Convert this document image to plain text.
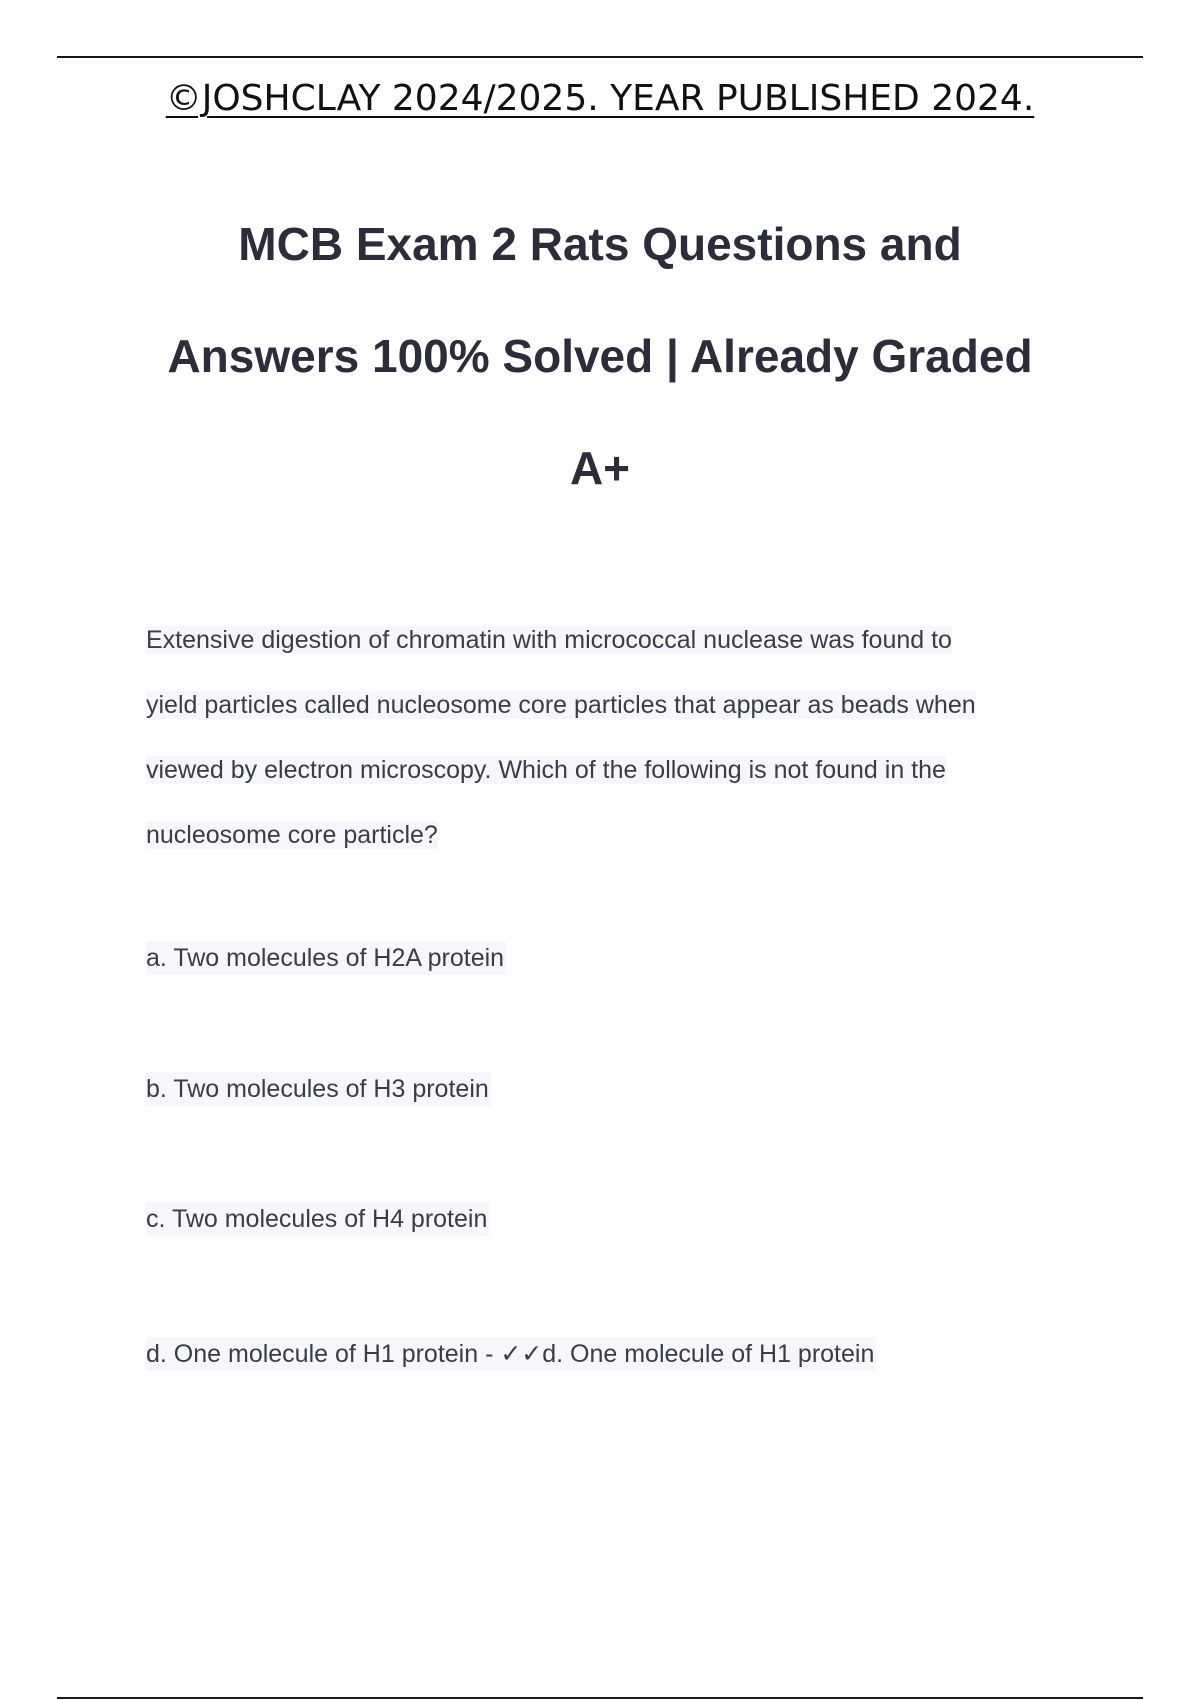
©JOSHCLAY 2024/2025. YEAR PUBLISHED 2024.
MCB Exam 2 Rats Questions and
Answers 100% Solved | Already Graded
A+

Extensive digestion of chromatin with micrococcal nuclease was found to
yield particles called nucleosome core particles that appear as beads when
viewed by electron microscopy. Which of the following is not found in the
nucleosome core particle?

a. Two molecules of H2A protein
b. Two molecules of H3 protein
c. Two molecules of H4 protein
d. One molecule of H1 protein - ✓✓d. One molecule of H1 protein
